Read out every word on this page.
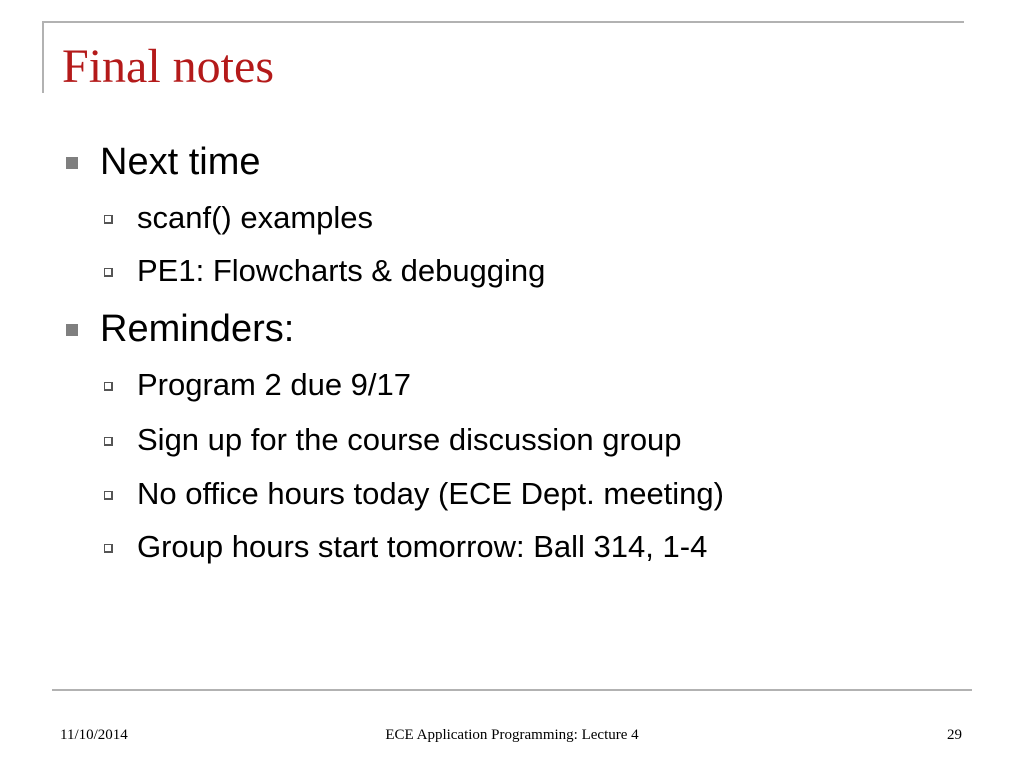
Final notes
Next time
scanf() examples
PE1: Flowcharts & debugging
Reminders:
Program 2 due 9/17
Sign up for the course discussion group
No office hours today (ECE Dept. meeting)
Group hours start tomorrow: Ball 314, 1-4
11/10/2014	ECE Application Programming: Lecture 4	29
